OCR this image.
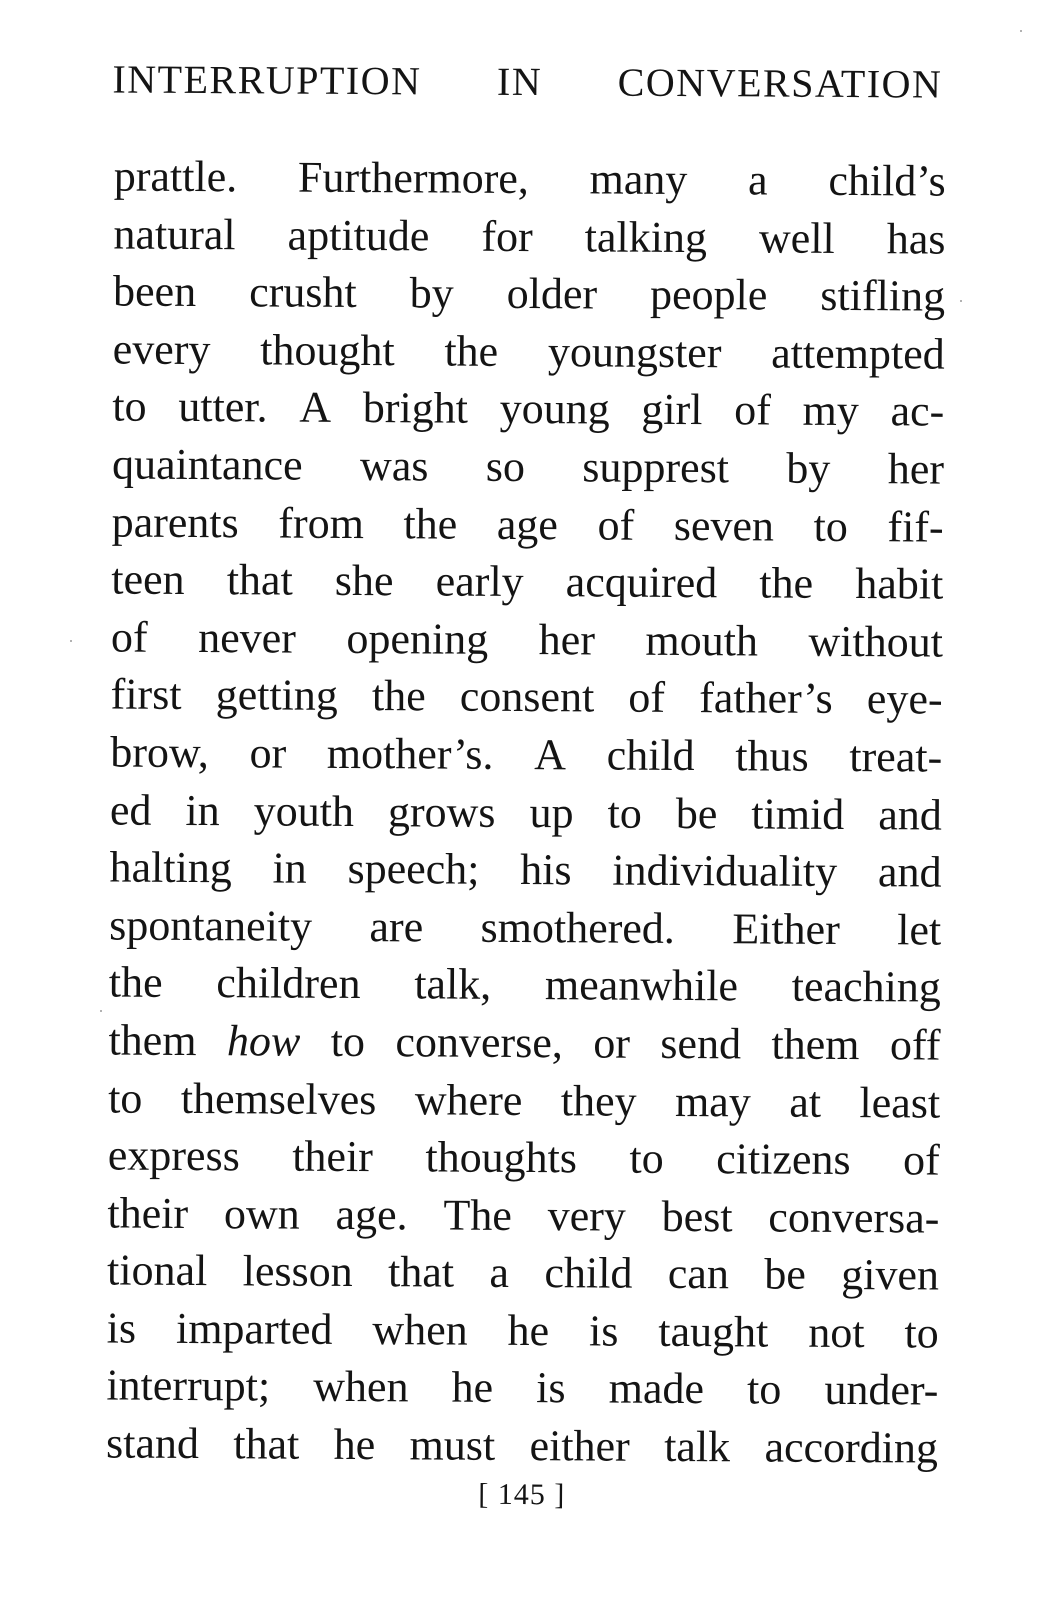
INTERRUPTION IN CONVERSATION
prattle. Furthermore, many a child’s
natural aptitude for talking well has
been crusht by older people stifling
every thought the youngster attempted
to utter. A bright young girl of my ac-
quaintance was so supprest by her
parents from the age of seven to fif-
teen that she early acquired the habit
of never opening her mouth without
first getting the consent of father’s eye-
brow, or mother’s. A child thus treat-
ed in youth grows up to be timid and
halting in speech; his individuality and
spontaneity are smothered. Either let
the children talk, meanwhile teaching
them how to converse, or send them off
to themselves where they may at least
express their thoughts to citizens of
their own age. The very best conversa-
tional lesson that a child can be given
is imparted when he is taught not to
interrupt; when he is made to under-
stand that he must either talk according
[ 145 ]
